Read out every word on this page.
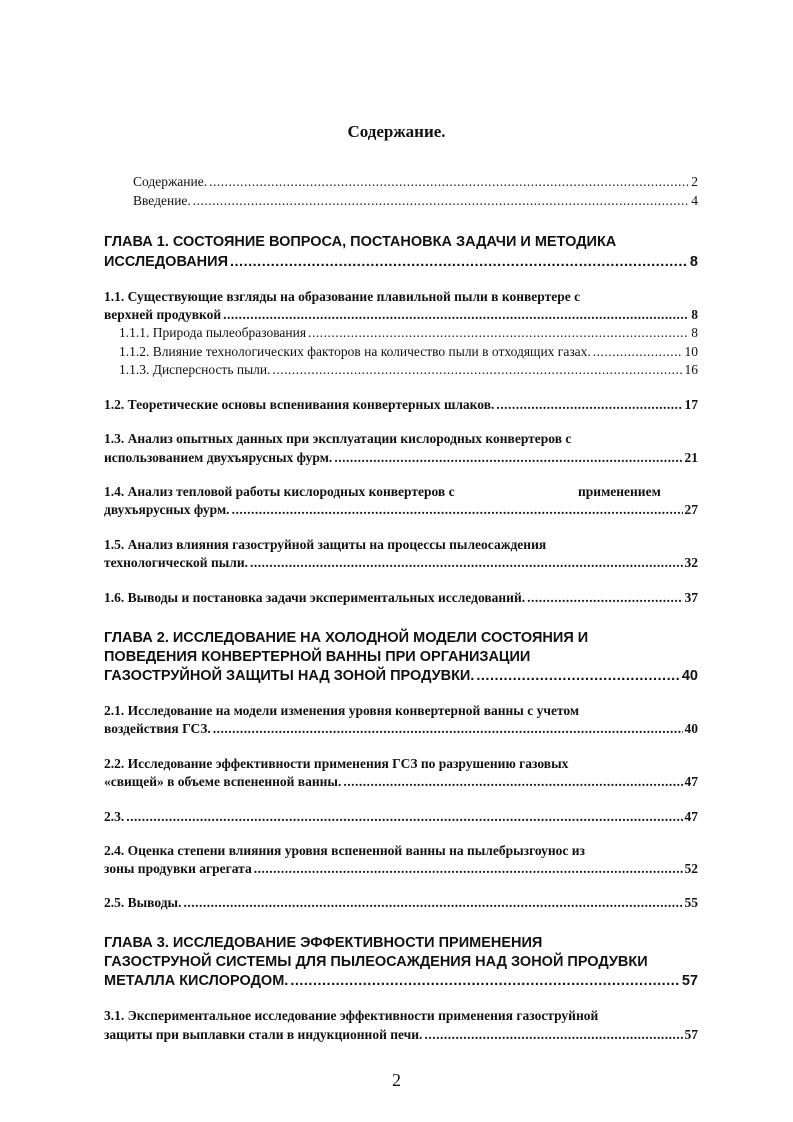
Содержание.
Содержание. .....	2
Введение. .....	4
ГЛАВА 1. СОСТОЯНИЕ ВОПРОСА, ПОСТАНОВКА ЗАДАЧИ И МЕТОДИКА
ИССЛЕДОВАНИЯ .....	8
1.1. Существующие взгляды на образование плавильной пыли в конвертере с
верхней продувкой .....	8
1.1.1. Природа пылеобразования .....	8
1.1.2. Влияние технологических факторов на количество пыли в отходящих газах. .....	10
1.1.3. Дисперсность пыли. .....	16
1.2. Теоретические основы вспенивания конвертерных шлаков. .....	17
1.3. Анализ опытных данных при эксплуатации кислородных конвертеров с
использованием двухъярусных фурм. .....	21
1.4. Анализ тепловой работы кислородных конвертеров с	применением
двухъярусных фурм. .....	27
1.5. Анализ влияния газоструйной защиты на процессы пылеосаждения
технологической пыли. .....	32
1.6. Выводы и постановка задачи экспериментальных исследований. .....	37
ГЛАВА 2. ИССЛЕДОВАНИЕ НА ХОЛОДНОЙ МОДЕЛИ СОСТОЯНИЯ И
ПОВЕДЕНИЯ КОНВЕРТЕРНОЙ ВАННЫ ПРИ ОРГАНИЗАЦИИ
ГАЗОСТРУЙНОЙ ЗАЩИТЫ НАД ЗОНОЙ ПРОДУВКИ. .....	40
2.1. Исследование на модели изменения уровня конвертерной ванны с учетом
воздействия ГСЗ. .....	40
2.2. Исследование эффективности применения ГСЗ по разрушению газовых
«свищей» в объеме вспененной ванны. .....	47
2.3. .....	47
2.4. Оценка степени влияния уровня вспененной ванны на пылебрызгоунос из
зоны продувки агрегата .....	52
2.5. Выводы. .....	55
ГЛАВА 3. ИССЛЕДОВАНИЕ ЭФФЕКТИВНОСТИ ПРИМЕНЕНИЯ
ГАЗОСТРУНОЙ СИСТЕМЫ ДЛЯ ПЫЛЕОСАЖДЕНИЯ НАД ЗОНОЙ ПРОДУВКИ
МЕТАЛЛА КИСЛОРОДОМ. .....	57
3.1. Экспериментальное исследование эффективности применения газоструйной
защиты при выплавки стали в индукционной печи. .....	57
2
